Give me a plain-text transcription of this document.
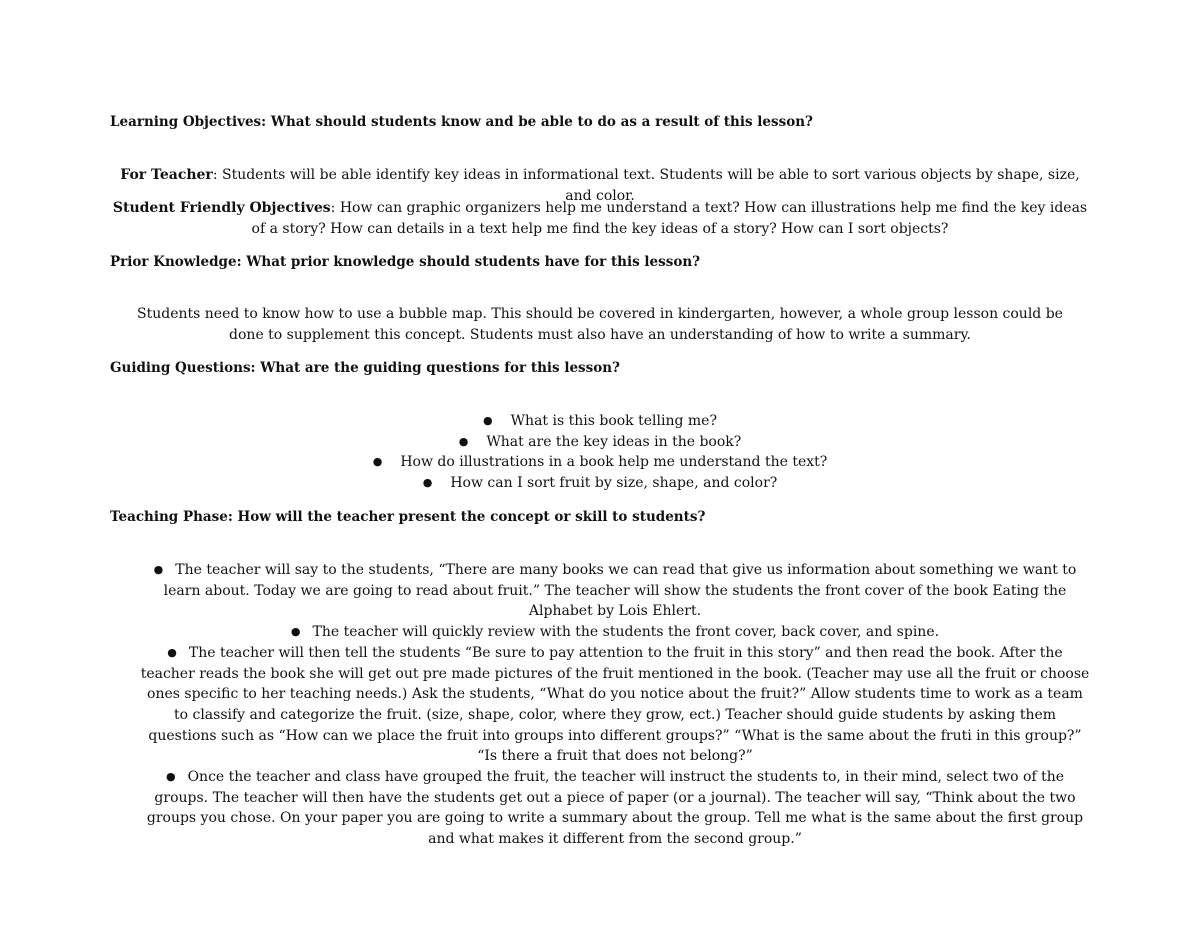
Learning Objectives: What should students know and be able to do as a result of this lesson?
For Teacher: Students will be able identify key ideas in informational text. Students will be able to sort various objects by shape, size, and color.
Student Friendly Objectives: How can graphic organizers help me understand a text? How can illustrations help me find the key ideas of a story? How can details in a text help me find the key ideas of a story? How can I sort objects?
Prior Knowledge: What prior knowledge should students have for this lesson?
Students need to know how to use a bubble map. This should be covered in kindergarten, however, a whole group lesson could be done to supplement this concept. Students must also have an understanding of how to write a summary.
Guiding Questions: What are the guiding questions for this lesson?
● What is this book telling me?
● What are the key ideas in the book?
● How do illustrations in a book help me understand the text?
● How can I sort fruit by size, shape, and color?
Teaching Phase: How will the teacher present the concept or skill to students?
● The teacher will say to the students, “There are many books we can read that give us information about something we want to learn about. Today we are going to read about fruit.” The teacher will show the students the front cover of the book Eating the Alphabet by Lois Ehlert.
● The teacher will quickly review with the students the front cover, back cover, and spine.
● The teacher will then tell the students “Be sure to pay attention to the fruit in this story” and then read the book. After the teacher reads the book she will get out pre made pictures of the fruit mentioned in the book. (Teacher may use all the fruit or choose ones specific to her teaching needs.) Ask the students, “What do you notice about the fruit?” Allow students time to work as a team to classify and categorize the fruit. (size, shape, color, where they grow, ect.) Teacher should guide students by asking them questions such as “How can we place the fruit into groups into different groups?” “What is the same about the fruti in this group?” “Is there a fruit that does not belong?”
● Once the teacher and class have grouped the fruit, the teacher will instruct the students to, in their mind, select two of the groups. The teacher will then have the students get out a piece of paper (or a journal). The teacher will say, “Think about the two groups you chose. On your paper you are going to write a summary about the group. Tell me what is the same about the first group and what makes it different from the second group.”
